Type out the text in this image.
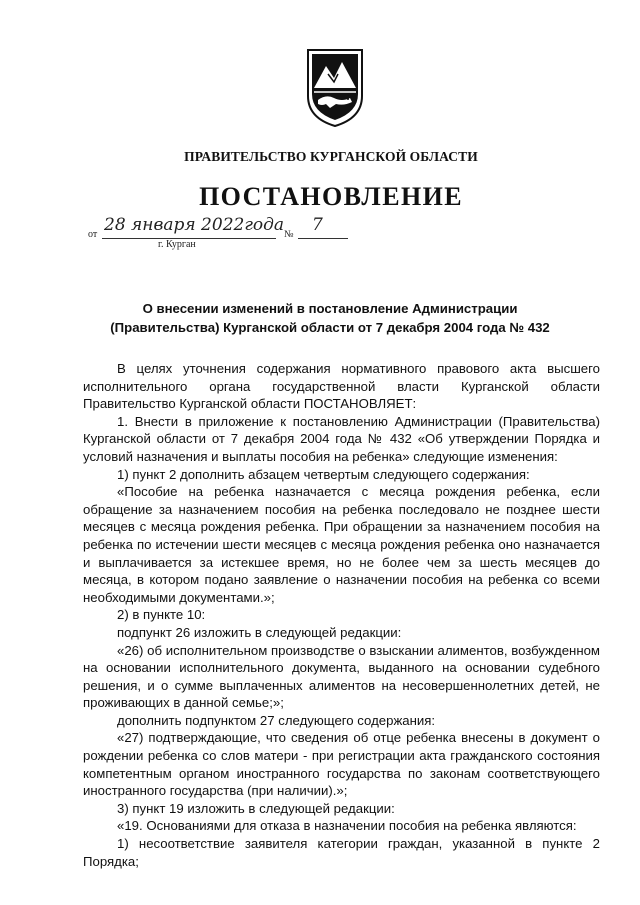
ПРАВИТЕЛЬСТВО КУРГАНСКОЙ ОБЛАСТИ
ПОСТАНОВЛЕНИЕ
от 28 января 2022года № 7
г. Курган
О внесении изменений в постановление Администрации
(Правительства) Курганской области от 7 декабря 2004 года № 432

В целях уточнения содержания нормативного правового акта высшего исполнительного органа государственной власти Курганской области Правительство Курганской области ПОСТАНОВЛЯЕТ:

1. Внести в приложение к постановлению Администрации (Правительства) Курганской области от 7 декабря 2004 года № 432 «Об утверждении Порядка и условий назначения и выплаты пособия на ребенка» следующие изменения:

1) пункт 2 дополнить абзацем четвертым следующего содержания:

«Пособие на ребенка назначается с месяца рождения ребенка, если обращение за назначением пособия на ребенка последовало не позднее шести месяцев с месяца рождения ребенка. При обращении за назначением пособия на ребенка по истечении шести месяцев с месяца рождения ребенка оно назначается и выплачивается за истекшее время, но не более чем за шесть месяцев до месяца, в котором подано заявление о назначении пособия на ребенка со всеми необходимыми документами.»;

2) в пункте 10:

подпункт 26 изложить в следующей редакции:

«26) об исполнительном производстве о взыскании алиментов, возбужденном на основании исполнительного документа, выданного на основании судебного решения, и о сумме выплаченных алиментов на несовершеннолетних детей, не проживающих в данной семье;»;

дополнить подпунктом 27 следующего содержания:

«27) подтверждающие, что сведения об отце ребенка внесены в документ о рождении ребенка со слов матери - при регистрации акта гражданского состояния компетентным органом иностранного государства по законам соответствующего иностранного государства (при наличии).»;

3) пункт 19 изложить в следующей редакции:

«19. Основаниями для отказа в назначении пособия на ребенка являются:

1) несоответствие заявителя категории граждан, указанной в пункте 2 Порядка;
